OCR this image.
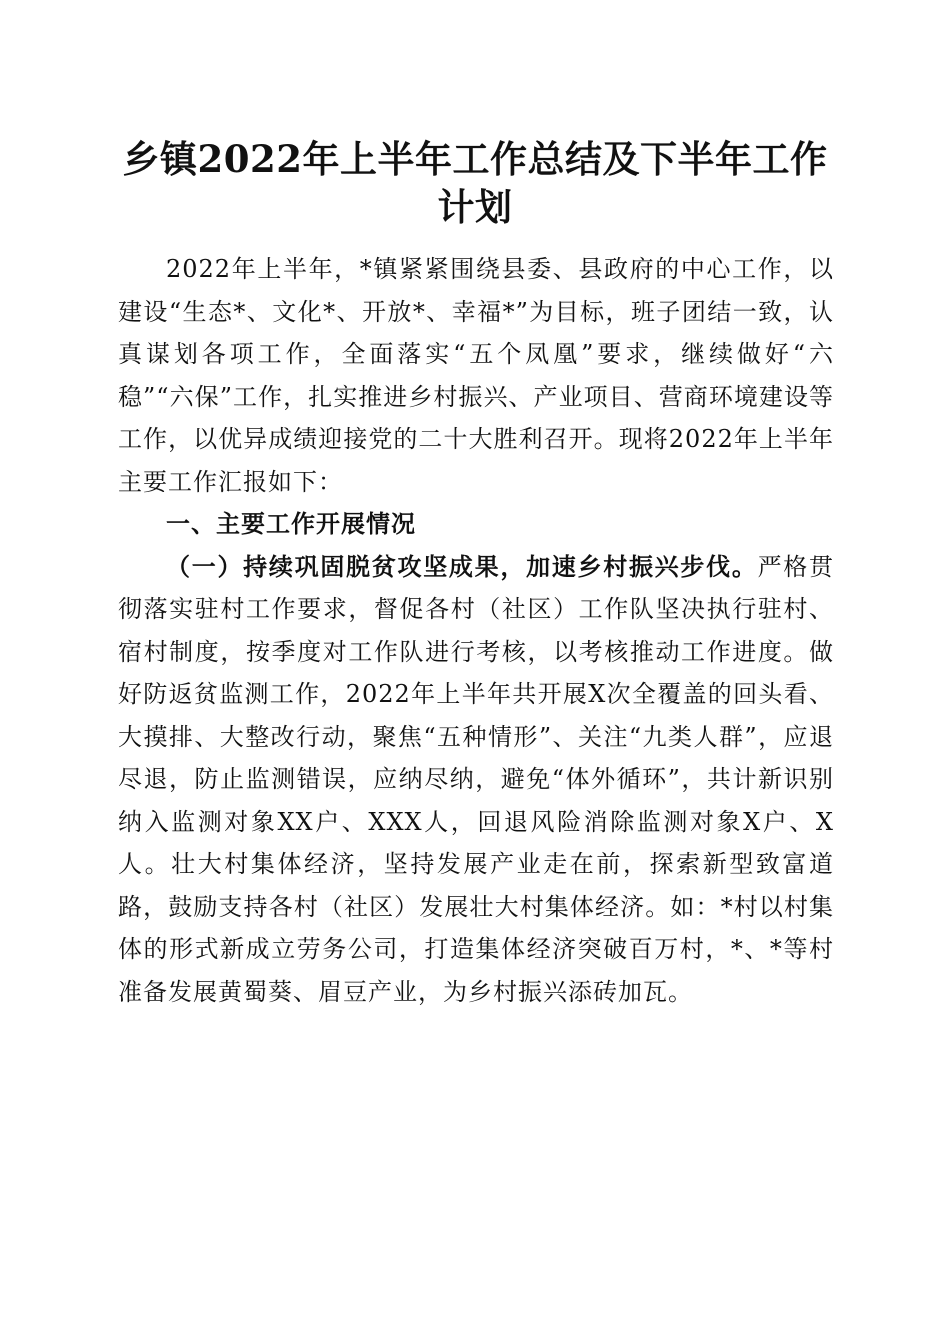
乡镇2022年上半年工作总结及下半年工作计划

2022年上半年，*镇紧紧围绕县委、县政府的中心工作，以建设“生态*、文化*、开放*、幸福*”为目标，班子团结一致，认真谋划各项工作，全面落实“五个凤凰”要求，继续做好“六稳”“六保”工作，扎实推进乡村振兴、产业项目、营商环境建设等工作，以优异成绩迎接党的二十大胜利召开。现将2022年上半年主要工作汇报如下：

一、主要工作开展情况

（一）持续巩固脱贫攻坚成果，加速乡村振兴步伐。严格贯彻落实驻村工作要求，督促各村（社区）工作队坚决执行驻村、宿村制度，按季度对工作队进行考核，以考核推动工作进度。做好防返贫监测工作，2022年上半年共开展X次全覆盖的回头看、大摸排、大整改行动，聚焦“五种情形”、关注“九类人群”，应退尽退，防止监测错误，应纳尽纳，避免“体外循环”，共计新识别纳入监测对象XX户、XXX人，回退风险消除监测对象X户、X人。壮大村集体经济，坚持发展产业走在前，探索新型致富道路，鼓励支持各村（社区）发展壮大村集体经济。如：*村以村集体的形式新成立劳务公司，打造集体经济突破百万村，*、*等村准备发展黄蜀葵、眉豆产业，为乡村振兴添砖加瓦。
